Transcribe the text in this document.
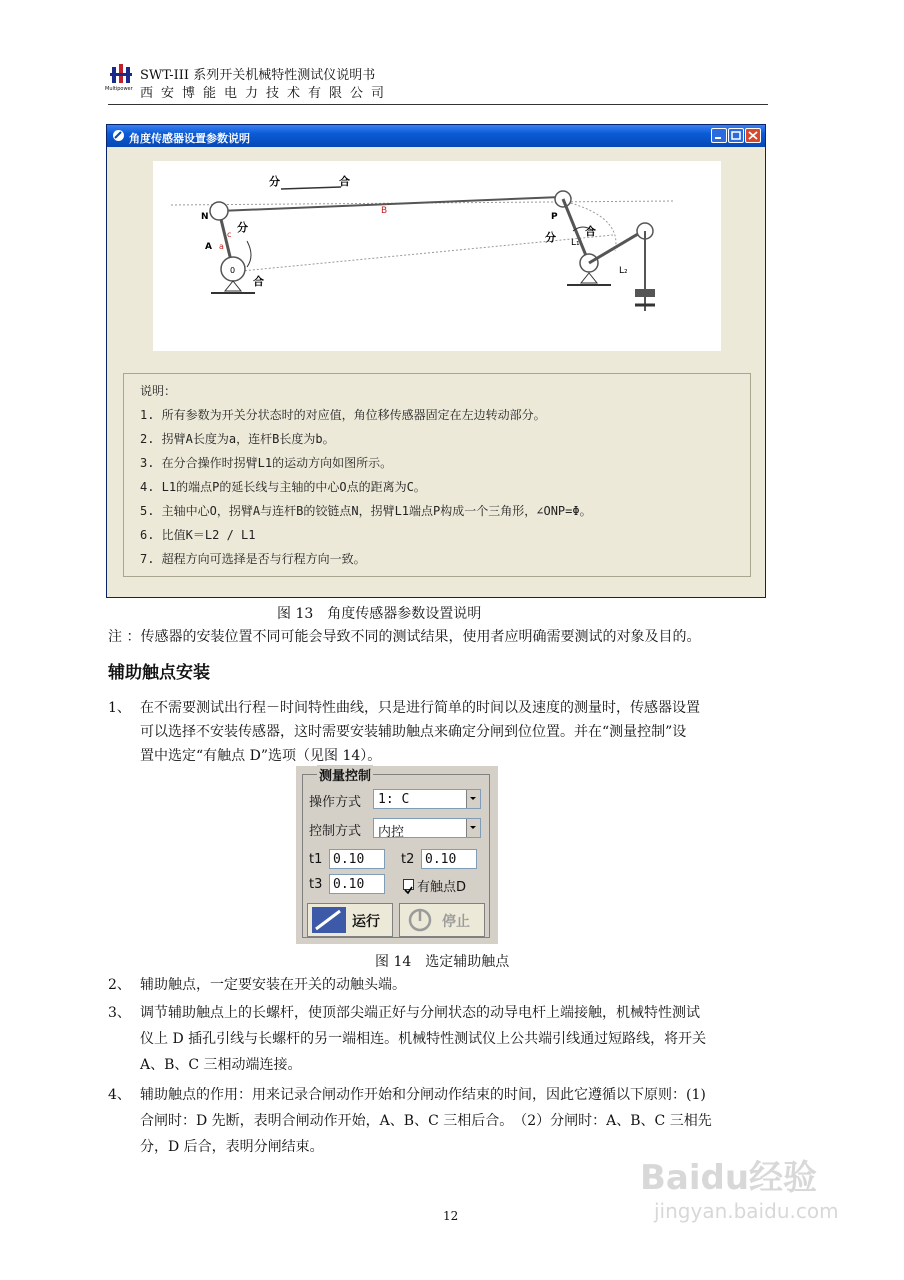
Multipower
SWT-III 系列开关机械特性测试仪说明书
西安博能电力技术有限公司
角度传感器设置参数说明
分	合
N
B
P
A a
c
0
分
合
分	合
L₁
L₂
说明：
1. 所有参数为开关分状态时的对应值，角位移传感器固定在左边转动部分。
2. 拐臂A长度为a，连杆B长度为b。
3. 在分合操作时拐臂L1的运动方向如图所示。
4. L1的端点P的延长线与主轴的中心O点的距离为C。
5. 主轴中心O，拐臂A与连杆B的铰链点N，拐臂L1端点P构成一个三角形，∠ONP=Φ。
6. 比值K＝L2 / L1
7. 超程方向可选择是否与行程方向一致。
图 13　角度传感器参数设置说明
注 ：传感器的安装位置不同可能会导致不同的测试结果，使用者应明确需要测试的对象及目的。
辅助触点安装
1、 在不需要测试出行程－时间特性曲线，只是进行简单的时间以及速度的测量时，传感器设置
可以选择不安装传感器，这时需要安装辅助触点来确定分闸到位位置。并在“测量控制”设
置中选定“有触点 D”选项（见图 14）。
测量控制
操作方式 1: C
控制方式 内控
t1 0.10	t2 0.10
t3 0.10	有触点D
运行	停止
图 14　选定辅助触点
2、 辅助触点，一定要安装在开关的动触头端。
3、 调节辅助触点上的长螺杆，使顶部尖端正好与分闸状态的动导电杆上端接触，机械特性测试
仪上 D 插孔引线与长螺杆的另一端相连。机械特性测试仪上公共端引线通过短路线，将开关
A、B、C 三相动端连接。
4、 辅助触点的作用：用来记录合闸动作开始和分闸动作结束的时间，因此它遵循以下原则：(1)
合闸时：D 先断，表明合闸动作开始，A、B、C 三相后合。　（2）分闸时：A、B、C 三相先
分，D 后合，表明分闸结束。
12
Baidu经验
jingyan.baidu.com
